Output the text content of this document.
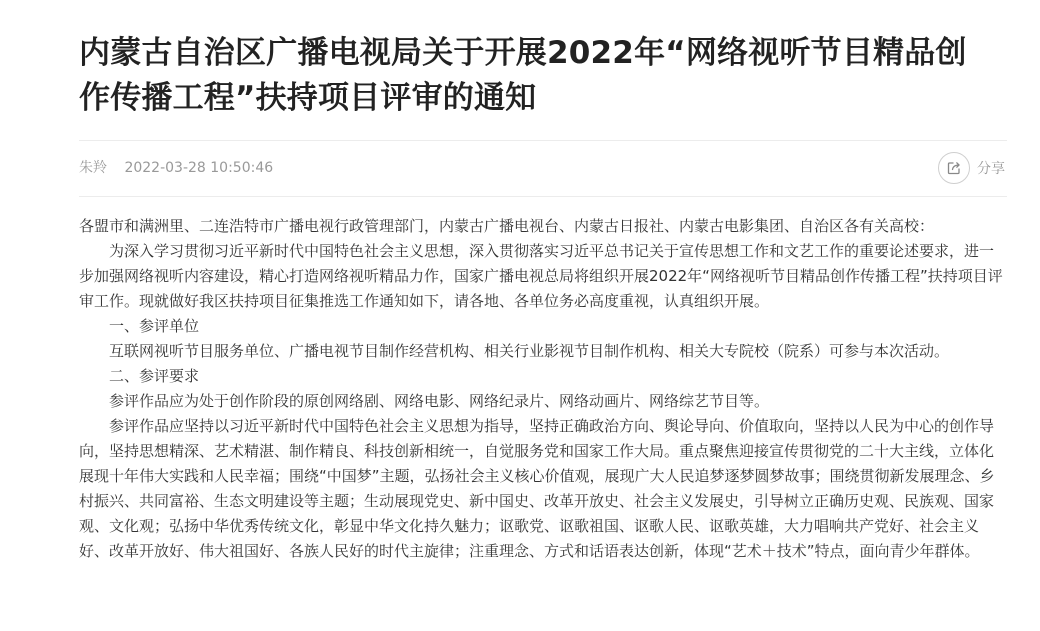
内蒙古自治区广播电视局关于开展2022年“网络视听节目精品创
作传播工程”扶持项目评审的通知
朱羚 2022-03-28 10:50:46	分享

各盟市和满洲里、二连浩特市广播电视行政管理部门，内蒙古广播电视台、内蒙古日报社、内蒙古电影集团、自治区各有关高校：

为深入学习贯彻习近平新时代中国特色社会主义思想，深入贯彻落实习近平总书记关于宣传思想工作和文艺工作的重要论述要求，进一步加强网络视听内容建设，精心打造网络视听精品力作，国家广播电视总局将组织开展2022年“网络视听节目精品创作传播工程”扶持项目评审工作。现就做好我区扶持项目征集推选工作通知如下，请各地、各单位务必高度重视，认真组织开展。

一、参评单位

互联网视听节目服务单位、广播电视节目制作经营机构、相关行业影视节目制作机构、相关大专院校（院系）可参与本次活动。

二、参评要求

参评作品应为处于创作阶段的原创网络剧、网络电影、网络纪录片、网络动画片、网络综艺节目等。

参评作品应坚持以习近平新时代中国特色社会主义思想为指导，坚持正确政治方向、舆论导向、价值取向，坚持以人民为中心的创作导向，坚持思想精深、艺术精湛、制作精良、科技创新相统一，自觉服务党和国家工作大局。重点聚焦迎接宣传贯彻党的二十大主线，立体化展现十年伟大实践和人民幸福；围绕“中国梦”主题，弘扬社会主义核心价值观，展现广大人民追梦逐梦圆梦故事；围绕贯彻新发展理念、乡村振兴、共同富裕、生态文明建设等主题；生动展现党史、新中国史、改革开放史、社会主义发展史，引导树立正确历史观、民族观、国家观、文化观；弘扬中华优秀传统文化，彰显中华文化持久魅力；讴歌党、讴歌祖国、讴歌人民、讴歌英雄，大力唱响共产党好、社会主义好、改革开放好、伟大祖国好、各族人民好的时代主旋律；注重理念、方式和话语表达创新，体现“艺术＋技术”特点，面向青少年群体。
